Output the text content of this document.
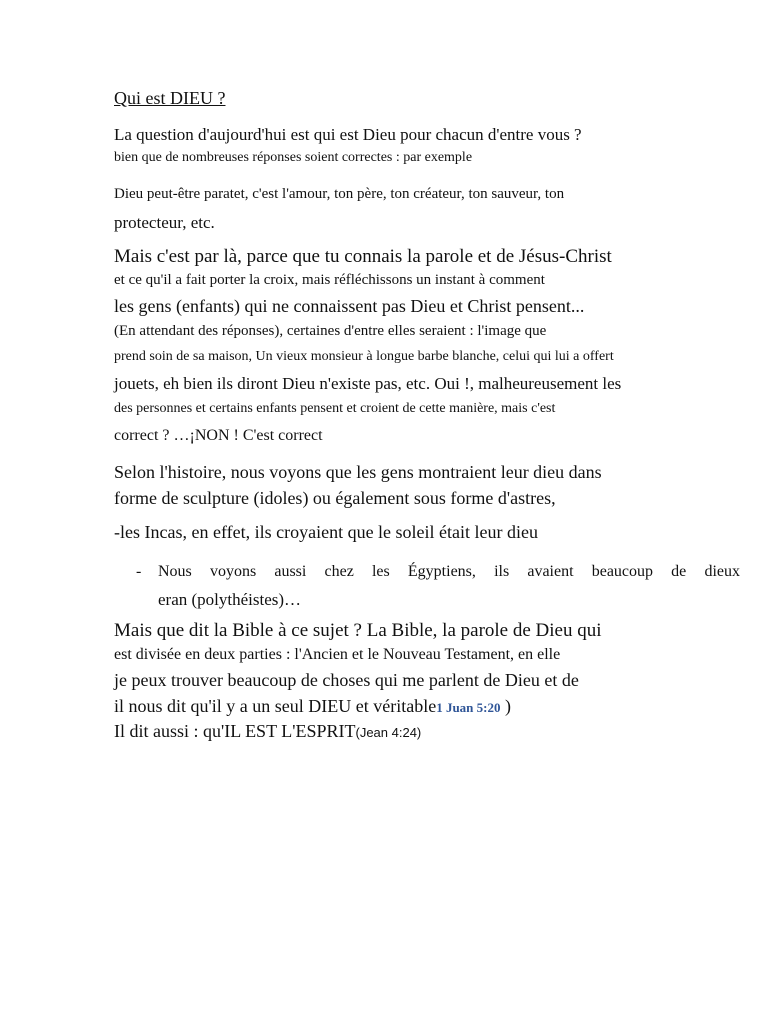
Qui est DIEU ?
La question d'aujourd'hui est qui est Dieu pour chacun d'entre vous ?
bien que de nombreuses réponses soient correctes : par exemple
Dieu peut-être paratet, c'est l'amour, ton père, ton créateur, ton sauveur, ton
protecteur, etc.
Mais c'est par là, parce que tu connais la parole et de Jésus-Christ
et ce qu'il a fait porter la croix, mais réfléchissons un instant à comment
les gens (enfants) qui ne connaissent pas Dieu et Christ pensent...
(En attendant des réponses), certaines d'entre elles seraient : l'image que
prend soin de sa maison, Un vieux monsieur à longue barbe blanche, celui qui lui a offert
jouets, eh bien ils diront Dieu n'existe pas, etc. Oui !, malheureusement les
des personnes et certains enfants pensent et croient de cette manière, mais c'est
correct ? …¡NON ! C'est correct
Selon l'histoire, nous voyons que les gens montraient leur dieu dans
forme de sculpture (idoles) ou également sous forme d'astres,
-les Incas, en effet, ils croyaient que le soleil était leur dieu
- Nous voyons aussi chez les Égyptiens, ils avaient beaucoup de dieux
eran (polythéistes)…
Mais que dit la Bible à ce sujet ? La Bible, la parole de Dieu qui
est divisée en deux parties : l'Ancien et le Nouveau Testament, en elle
je peux trouver beaucoup de choses qui me parlent de Dieu et de
il nous dit qu'il y a un seul DIEU et véritable1 Juan 5:20 )
Il dit aussi : qu'IL EST L'ESPRIT(Jean 4:24)
